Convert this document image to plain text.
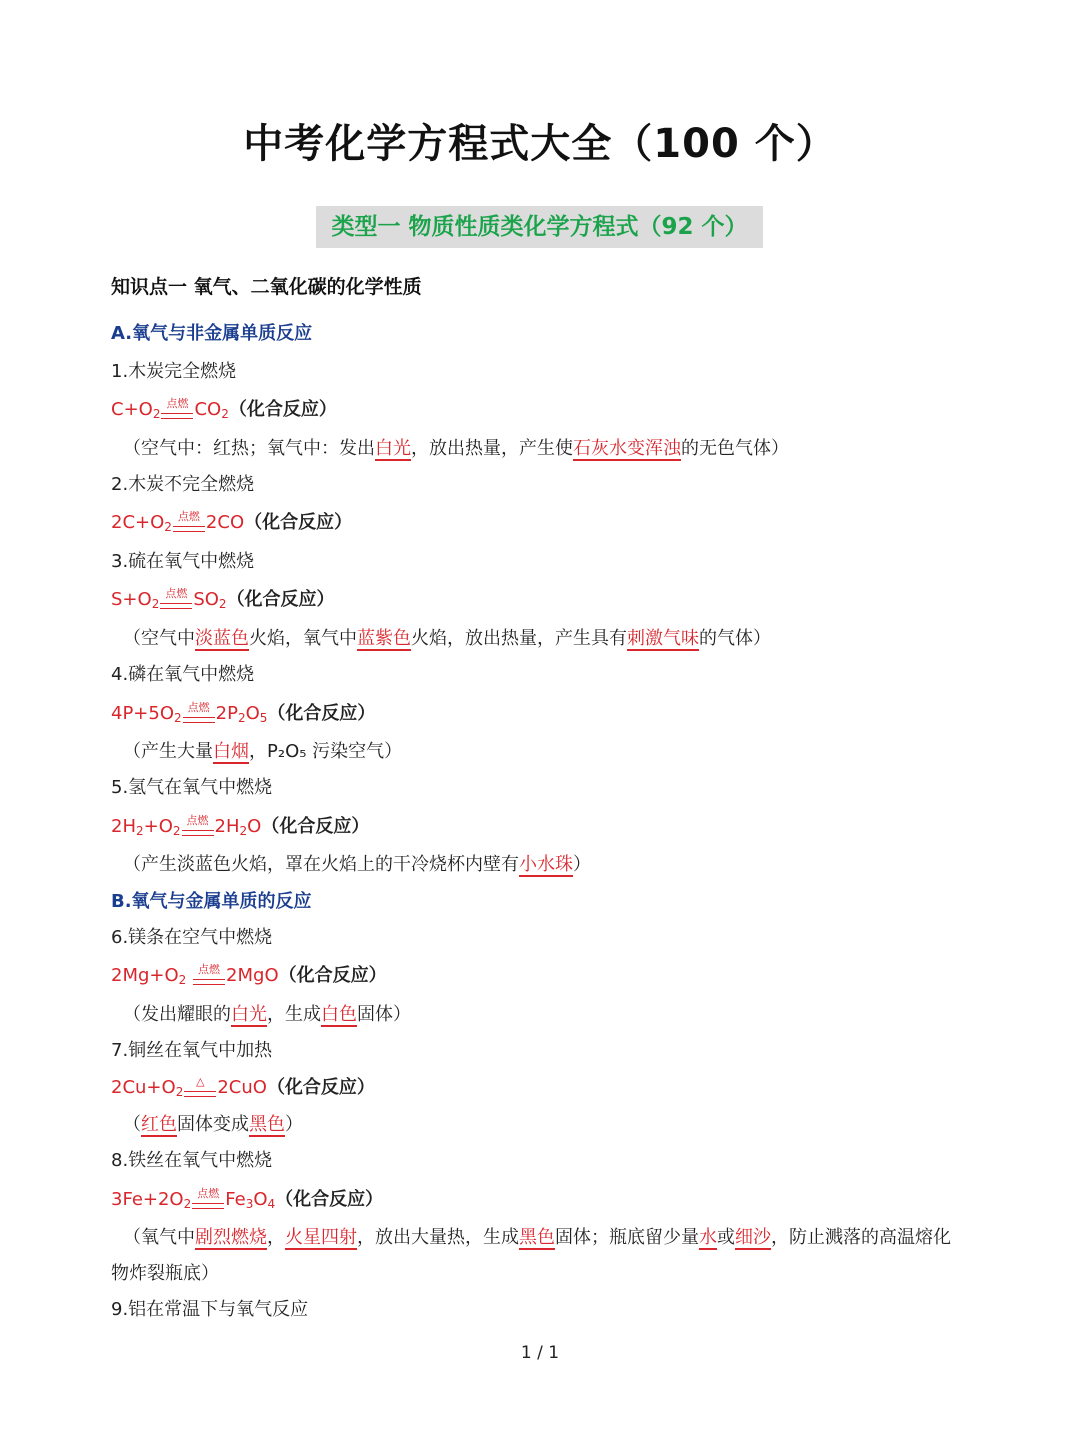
中考化学方程式大全（100 个）
类型一 物质性质类化学方程式（92 个）
知识点一 氧气、二氧化碳的化学性质
A.氧气与非金属单质反应
1.木炭完全燃烧
$C+O_2$
点燃 $CO_2$（化合反应）
（空气中：红热；氧气中：发出白光，放出热量，产生使石灰水变浑浊的无色气体）
2.木炭不完全燃烧
$2C+O_2$
点燃 2CO（化合反应）
3.硫在氧气中燃烧
$S+O_2$
点燃 $SO_2$（化合反应）
（空气中淡蓝色火焰，氧气中蓝紫色火焰，放出热量，产生具有刺激气味的气体）
4.磷在氧气中燃烧
$4P+5O_2$
点燃 $2P_2O_5$（化合反应）
（产生大量白烟，P₂O₅ 污染空气）
5.氢气在氧气中燃烧
$2H_2+O_2$
点燃 $2H_2O$（化合反应）
（产生淡蓝色火焰，罩在火焰上的干冷烧杯内壁有小水珠）
B.氧气与金属单质的反应
6.镁条在空气中燃烧
$2Mg+O_2$
点燃 2MgO（化合反应）
（发出耀眼的白光，生成白色固体）
7.铜丝在氧气中加热
$2Cu+O_2$
△ 2CuO（化合反应）
（红色固体变成黑色）
8.铁丝在氧气中燃烧
$3Fe+2O_2$
点燃 $Fe_3O_4$（化合反应）
（氧气中剧烈燃烧，火星四射，放出大量热，生成黑色固体；瓶底留少量水或细沙，防止溅落的高温熔化
物炸裂瓶底）
9.铝在常温下与氧气反应
1 / 1
